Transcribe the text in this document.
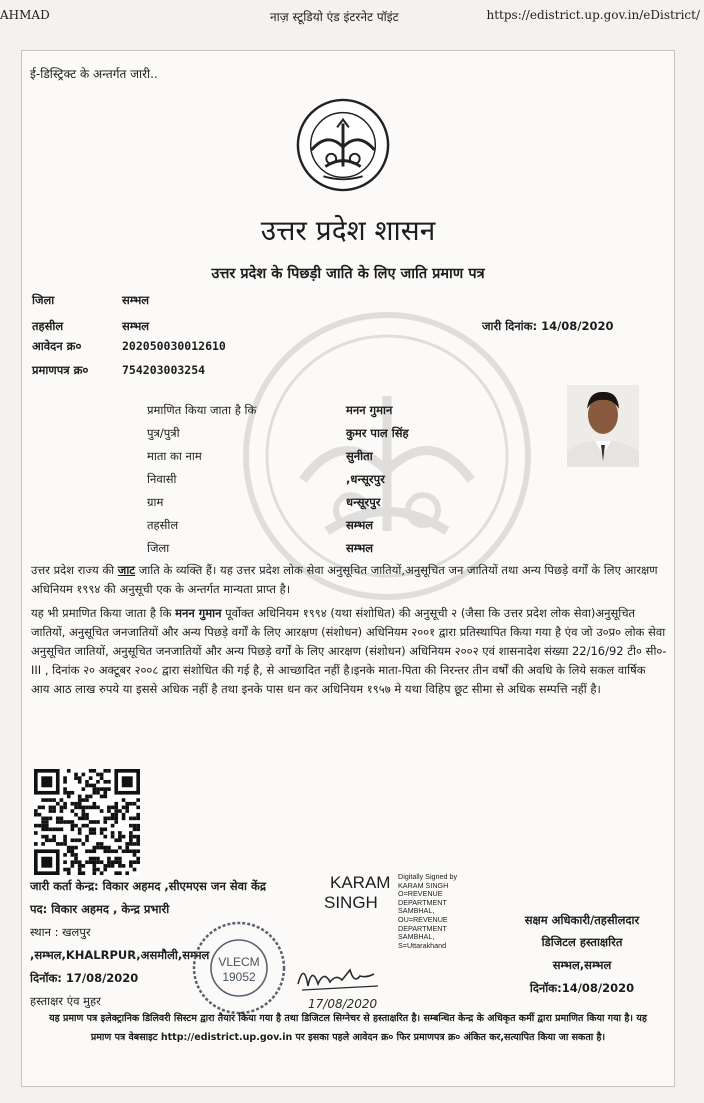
AHMAD	नाज़ स्टूडियो एंड इंटरनेट पॉइंट	https://edistrict.up.gov.in/eDistrict/
ई-डिस्ट्रिक्ट के अन्तर्गत जारी..
उत्तर प्रदेश शासन
उत्तर प्रदेश के पिछड़ी जाति के लिए जाति प्रमाण पत्र
जिला	सम्भल
तहसील	सम्भल
आवेदन क्र०	202050030012610
प्रमाणपत्र क्र०	754203003254
जारी दिनांक: 14/08/2020
प्रमाणित किया जाता है कि	मनन गुमान
पुत्र/पुत्री	कुमर पाल सिंह
माता का नाम	सुनीता
निवासी	,धन्सूरपुर
ग्राम	धन्सूरपुर
तहसील	सम्भल
जिला	सम्भल
उत्तर प्रदेश राज्य की जाट जाति के व्यक्ति हैं। यह उत्तर प्रदेश लोक सेवा अनुसूचित जातियों,अनुसूचित जन जातियों तथा अन्य पिछड़े वर्गों के लिए आरक्षण अधिनियम १९९४ की अनुसूची एक के अन्तर्गत मान्यता प्राप्त है।
यह भी प्रमाणित किया जाता है कि मनन गुमान पूर्वोक्त अधिनियम १९९४ (यथा संशोधित) की अनुसूची २ (जैसा कि उत्तर प्रदेश लोक सेवा)अनुसूचित जातियों, अनुसूचित जनजातियों और अन्य पिछड़े वर्गों के लिए आरक्षण (संशोधन) अधिनियम २००१ द्वारा प्रतिस्थापित किया गया है एंव जो उ०प्र० लोक सेवा अनुसूचित जातियों, अनुसूचित जनजातियों और अन्य पिछड़े वर्गों के लिए आरक्षण (संशोधन) अधिनियम २००२ एवं शासनादेश संख्या 22/16/92 टी० सी०-III , दिनांक २० अक्टूबर २००८ द्वारा संशोधित की गई है, से आच्छादित नहीं है।इनके माता-पिता की निरन्तर तीन वर्षों की अवधि के लिये सकल वार्षिक आय आठ लाख रुपये या इससे अधिक नहीं है तथा इनके पास धन कर अधिनियम १९५७ मे यथा विहिप छूट सीमा से अधिक सम्पत्ति नहीं है।
जारी कर्ता केन्द्र: विकार अहमद ,सीएमएस जन सेवा केंद्र
पद: विकार अहमद , केन्द्र प्रभारी
स्थान : खलपुर
,सम्भल,KHALRPUR,असमौली,सम्भल
दिनॉक: 17/08/2020
हस्ताक्षर एंव मुहर
KARAM
SINGH
Digitally Signed by
KARAM SINGH
O=REVENUE
DEPARTMENT
SAMBHAL,
OU=REVENUE
DEPARTMENT
SAMBHAL,
S=Uttarakhand
सक्षम अधिकारी/तहसीलदार
डिजिटल हस्ताक्षरित
सम्भल,सम्भल
दिनॉक:14/08/2020
VLECM
19052
17/08/2020
यह प्रमाण पत्र इलेक्ट्रानिक डिलिवरी सिस्टम द्वारा तैयार किया गया है तथा डिजिटल सिग्नेचर से हस्ताक्षरित है। सम्बन्धित केन्द्र के अधिकृत कर्मी द्वारा प्रमाणित किया गया है। यह प्रमाण पत्र वेबसाइट http://edistrict.up.gov.in पर इसका पहले आवेदन क्र० फिर प्रमाणपत्र क्र० अंकित कर,सत्यापित किया जा सकता है।
